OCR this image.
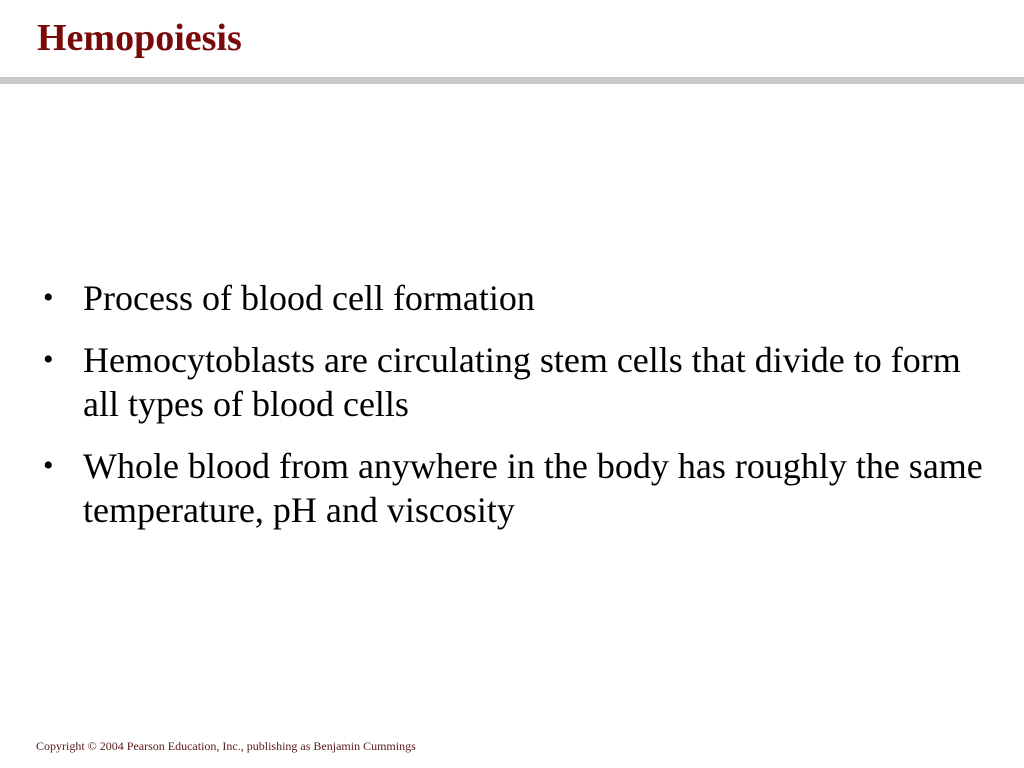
Hemopoiesis
• Process of blood cell formation
• Hemocytoblasts are circulating stem cells that divide to form all types of blood cells
• Whole blood from anywhere in the body has roughly the same temperature, pH and viscosity
Copyright © 2004 Pearson Education, Inc., publishing as Benjamin Cummings
